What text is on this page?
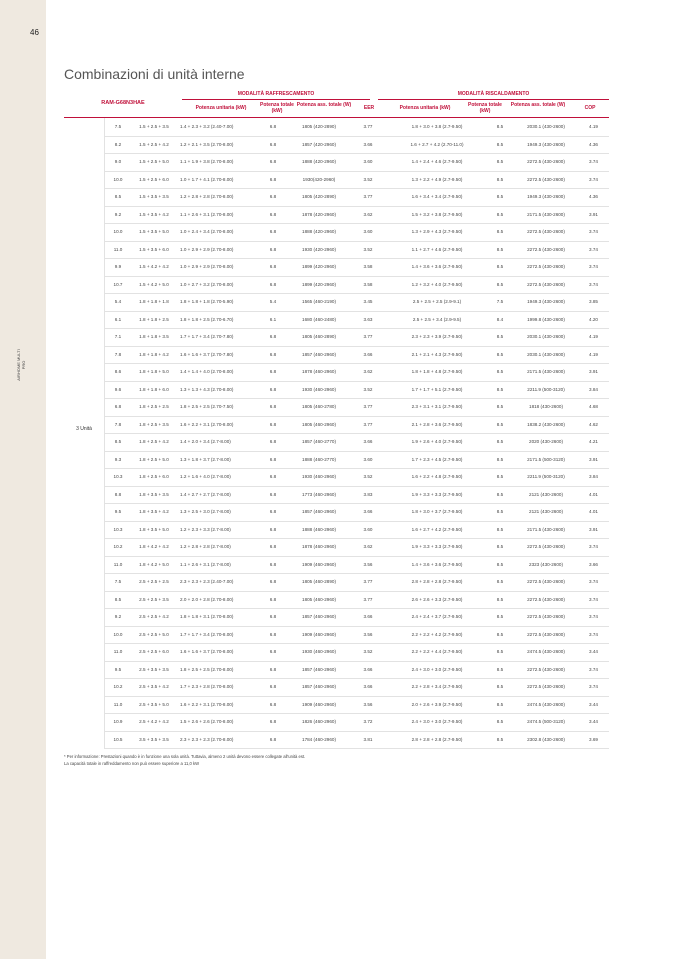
46
AIRHOME MULTI PRO
Combinazioni di unità interne
RAM-G68N3HAE
MODALITÀ RAFFRESCAMENTO	MODALITÀ RISCALDAMENTO
Potenza unitaria (kW)	Potenza totale (kW)
Potenza ass. totale (W)	EER	Potenza unitaria (kW)	Potenza totale (kW)
Potenza ass. totale (W)	COP
3 Unità
7.5	1.5 + 2.5 + 3.5	1.4 + 2.3 + 3.2 (2.40-7.00)	6.8	1805 (420-2890)	3.77	1.8 + 3.0 + 3.8 (2.7-9.50)	8.5	2030.1 (430-2600)	4.19
8.2	1.5 + 2.5 + 4.2	1.2 + 2.1 + 3.5 (2.70-8.00)	6.8	1857 (420-2960)	3.66	1.6 + 2.7 + 4.2 (2.70-11.0)	8.5	1949.3 (430-2600)	4.36
9.0	1.5 + 2.5 + 5.0	1.1 + 1.9 + 3.8 (2.70-8.00)	6.8	1888 (420-2960)	3.60	1.4 + 2.4 + 4.6 (2.7-9.50)	8.5	2272.5 (430-2600)	3.74
10.0	1.5 + 2.5 + 6.0	1.0 + 1.7 + 4.1 (2.70-8.00)	6.8	1930(420-2960)	3.52	1.3 + 2.2 + 4.9 (2.7-9.50)	8.5	2272.5 (430-2600)	3.74
8.5	1.5 + 3.5 + 3.5	1.2 + 2.8 + 2.8 (2.70-8.00)	6.8	1805 (420-2890)	3.77	1.6 + 3.4 + 3.4 (2.7-9.50)	8.5	1949.3 (430-2600)	4.36
9.2	1.5 + 3.5 + 4.2	1.1 + 2.6 + 3.1 (2.70-8.00)	6.8	1878 (420-2960)	3.62	1.5 + 3.2 + 3.8 (2.7-9.50)	8.5	2171.5 (430-2600)	3.91
10.0	1.5 + 3.5 + 5.0	1.0 + 2.4 + 3.4 (2.70-8.00)	6.8	1888 (420-2960)	3.60	1.3 + 2.9 + 4.3 (2.7-9.50)	8.5	2272.5 (430-2600)	3.74
11.0	1.5 + 3.5 + 6.0	1.0 + 2.9 + 2.9 (2.70-8.00)	6.8	1930 (420-2960)	3.52	1.1 + 2.7 + 4.6 (2.7-9.50)	8.5	2272.5 (430-2600)	3.74
9.9	1.5 + 4.2 + 4.2	1.0 + 2.9 + 2.9 (2.70-8.00)	6.8	1899 (420-2960)	3.58	1.4 + 3.6 + 3.6 (2.7-9.50)	8.5	2272.5 (430-2600)	3.74
10.7	1.5 + 4.2 + 5.0	1.0 + 2.7 + 3.2 (2.70-8.00)	6.8	1899 (420-2960)	3.58	1.2 + 3.2 + 4.0 (2.7-9.50)	8.5	2272.5 (430-2600)	3.74
5.4	1.8 + 1.8 + 1.8	1.8 + 1.8 + 1.8 (2.70-5.90)	5.4	1565 (460-2190)	3.45	2.5 + 2.5 + 2.5 (2.9-9.1)	7.5	1949.3 (430-2600)	3.85
6.1	1.8 + 1.8 + 2.5	1.8 + 1.8 + 2.5 (2.70-6.70)	6.1	1680 (460-2480)	3.63	2.5 + 2.5 + 3.4 (2.9-9.5)	8.4	1999.8 (430-2600)	4.20
7.1	1.8 + 1.8 + 3.5	1.7 + 1.7 + 3.4 (2.70-7.80)	6.8	1805 (460-2890)	3.77	2.3 + 2.3 + 3.9 (2.7-9.50)	8.5	2030.1 (430-2600)	4.19
7.8	1.8 + 1.8 + 4.2	1.6 + 1.6 + 3.7 (2.70-7.80)	6.8	1857 (460-2960)	3.66	2.1 + 2.1 + 4.3 (2.7-9.50)	8.5	2030.1 (430-2600)	4.19
8.6	1.8 + 1.8 + 5.0	1.4 + 1.4 + 4.0 (2.70-8.00)	6.8	1878 (460-2960)	3.62	1.8 + 1.8 + 4.8 (2.7-9.50)	8.5	2171.5 (430-2600)	3.91
9.6	1.8 + 1.8 + 6.0	1.3 + 1.3 + 4.3 (2.70-8.00)	6.8	1930 (460-2960)	3.52	1.7 + 1.7 + 5.1 (2.7-9.50)	8.5	2211.9 (500-3120)	3.84
6.8	1.8 + 2.5 + 2.5	1.8 + 2.5 + 2.5 (2.70-7.50)	6.8	1805 (460-2780)	3.77	2.3 + 3.1 + 3.1 (2.7-9.50)	8.5	1818 (430-2600)	4.68
7.8	1.8 + 2.5 + 3.5	1.6 + 2.2 + 3.1 (2.70-8.00)	6.8	1805 (460-2960)	3.77	2.1 + 2.8 + 3.6 (2.7-9.50)	8.5	1838.2 (430-2600)	4.62
8.5	1.8 + 2.5 + 4.2	1.4 + 2.0 + 3.4 (2.7-8.00)	6.8	1857 (460-2770)	3.66	1.9 + 2.6 + 4.0 (2.7-9.50)	8.5	2020 (430-2600)	4.21
9.3	1.8 + 2.5 + 5.0	1.3 + 1.8 + 3.7 (2.7-8.00)	6.8	1888 (460-2770)	3.60	1.7 + 2.3 + 4.5 (2.7-9.50)	8.5	2171.5 (500-3120)	3.91
10.3	1.8 + 2.5 + 6.0	1.2 + 1.6 + 4.0 (2.7-8.00)	6.8	1930 (460-2960)	3.52	1.6 + 2.2 + 4.8 (2.7-9.50)	8.5	2211.9 (500-3120)	3.84
8.8	1.8 + 3.5 + 3.5	1.4 + 2.7 + 2.7 (2.7-8.00)	6.8	1773 (460-2960)	3.83	1.9 + 3.3 + 3.3 (2.7-9.50)	8.5	2121 (430-2600)	4.01
9.5	1.8 + 3.5 + 4.2	1.3 + 2.5 + 3.0 (2.7-8.00)	6.8	1857 (460-2960)	3.66	1.8 + 3.0 + 3.7 (2.7-9.50)	8.5	2121 (430-2600)	4.01
10.3	1.8 + 3.5 + 5.0	1.2 + 2.3 + 3.3 (2.7-8.00)	6.8	1888 (460-2960)	3.60	1.6 + 2.7 + 4.2 (2.7-9.50)	8.5	2171.5 (430-2600)	3.91
10.2	1.8 + 4.2 + 4.2	1.2 + 2.8 + 2.8 (2.7-8.00)	6.8	1878 (460-2960)	3.62	1.9 + 3.3 + 3.3 (2.7-9.50)	8.5	2272.5 (430-2600)	3.74
11.0	1.8 + 4.2 + 5.0	1.1 + 2.6 + 3.1 (2.7-8.00)	6.8	1909 (460-2960)	3.56	1.4 + 3.6 + 3.6 (2.7-9.50)	8.5	2323 (430-2600)	3.66
7.5	2.5 + 2.5 + 2.5	2.3 + 2.3 + 2.3 (2.40-7.00)	6.8	1805 (460-2890)	3.77	2.8 + 2.8 + 2.8 (2.7-9.50)	8.5	2272.5 (430-2600)	3.74
8.5	2.5 + 2.5 + 3.5	2.0 + 2.0 + 2.8 (2.70-8.00)	6.8	1805 (460-2960)	3.77	2.6 + 2.6 + 3.3 (2.7-9.50)	8.5	2272.5 (430-2600)	3.74
9.2	2.5 + 2.5 + 4.2	1.8 + 1.8 + 3.1 (2.70-8.00)	6.8	1857 (460-2960)	3.66	2.4 + 2.4 + 3.7 (2.7-9.50)	8.5	2272.5 (430-2600)	3.74
10.0	2.5 + 2.5 + 5.0	1.7 + 1.7 + 3.4 (2.70-8.00)	6.8	1909 (460-2960)	3.56	2.2 + 2.2 + 4.2 (2.7-9.50)	8.5	2272.5 (430-2600)	3.74
11.0	2.5 + 2.5 + 6.0	1.6 + 1.6 + 3.7 (2.70-8.00)	6.8	1930 (460-2960)	3.52	2.2 + 2.2 + 4.4 (2.7-9.50)	8.5	2474.5 (430-2600)	3.44
9.5	2.5 + 3.5 + 3.5	1.8 + 2.5 + 2.5 (2.70-8.00)	6.8	1857 (460-2960)	3.66	2.4 + 3.0 + 3.0 (2.7-9.50)	8.5	2272.5 (430-2600)	3.74
10.2	2.5 + 3.5 + 4.2	1.7 + 2.3 + 2.8 (2.70-8.00)	6.8	1857 (460-2960)	3.66	2.2 + 2.8 + 3.4 (2.7-9.50)	8.5	2272.5 (430-2600)	3.74
11.0	2.5 + 3.5 + 5.0	1.6 + 2.2 + 3.1 (2.70-8.00)	6.8	1909 (460-2960)	3.56	2.0 + 2.6 + 3.9 (2.7-9.50)	8.5	2474.5 (430-2600)	3.44
10.9	2.5 + 4.2 + 4.2	1.5 + 2.6 + 2.6 (2.70-8.00)	6.8	1826 (460-2960)	3.72	2.4 + 3.0 + 3.0 (2.7-9.50)	8.5	2474.5 (500-3120)	3.44
10.5	3.5 + 3.5 + 3.5	2.3 + 2.3 + 2.3 (2.70-8.00)	6.8	1784 (460-2960)	3.81	2.8 + 2.8 + 2.8 (2.7-9.50)	8.5	2302.8 (430-2600)	3.69
* Per informazione: Prestazioni quando è in funzione una sola unità. Tuttavia, almeno 2 unità devono essere collegate all'unità est.
La capacità totale in raffreddamento non può essere superiore a 11,0 kW
